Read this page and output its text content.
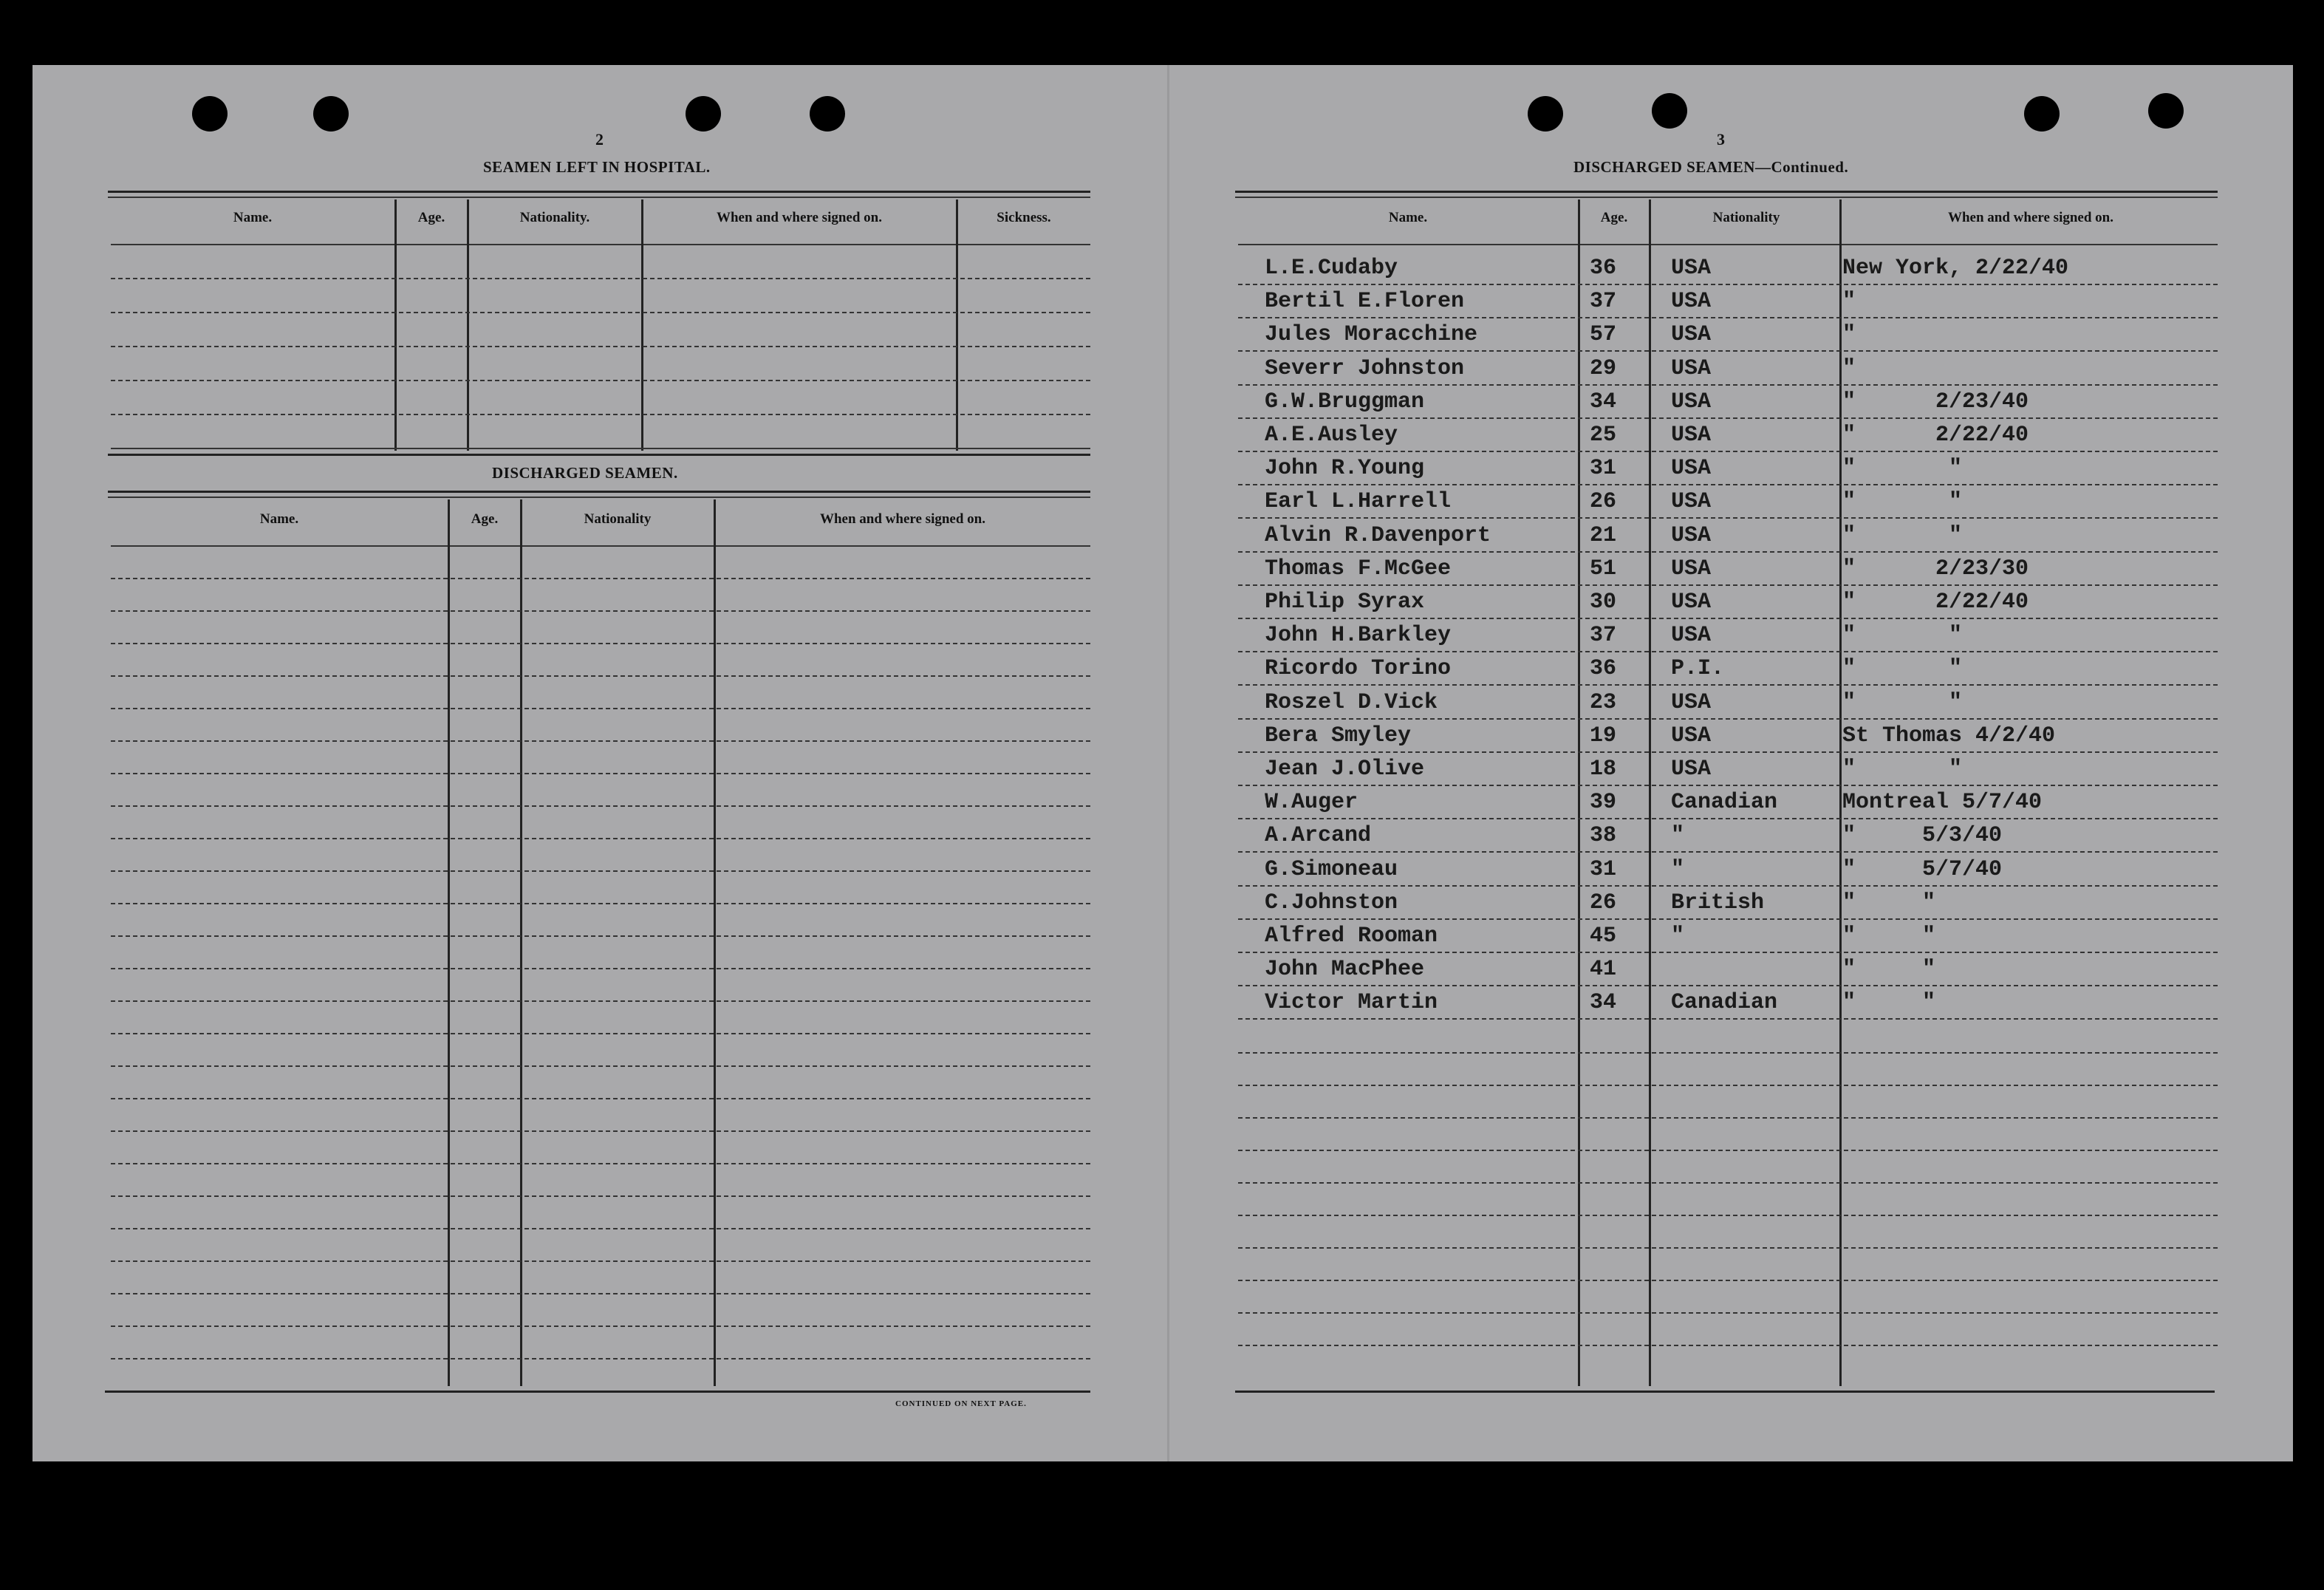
2
SEAMEN LEFT IN HOSPITAL.
Name.	Age.	Nationality.	When and where signed on.	Sickness.
DISCHARGED SEAMEN.
Name.	Age.	Nationality	When and where signed on.
CONTINUED ON NEXT PAGE.
3
DISCHARGED SEAMEN—Continued.
Name.	Age.	Nationality	When and where signed on.
L.E.Cudaby	36 USA	New York, 2/22/40
Bertil E.Floren	37 USA	"
Jules Moracchine	57 USA	"
Severr Johnston	29 USA	"
G.W.Bruggman	34 USA	"      2/23/40
A.E.Ausley	25 USA	"      2/22/40
John R.Young	31 USA	"       "
Earl L.Harrell	26 USA	"       "
Alvin R.Davenport	21 USA	"       "
Thomas F.McGee	51 USA	"      2/23/30
Philip Syrax	30 USA	"      2/22/40
John H.Barkley	37 USA	"       "
Ricordo Torino	36 P.I.	"       "
Roszel D.Vick	23 USA	"       "
Bera Smyley	19 USA	St Thomas 4/2/40
Jean J.Olive	18 USA	"       "
W.Auger	39 Canadian	Montreal 5/7/40
A.Arcand	38 "	"     5/3/40
G.Simoneau	31 "	"     5/7/40
C.Johnston	26 British	"     "
Alfred Rooman	45 "	"     "
John MacPhee	41	"     "
Victor Martin	34 Canadian	"     "
